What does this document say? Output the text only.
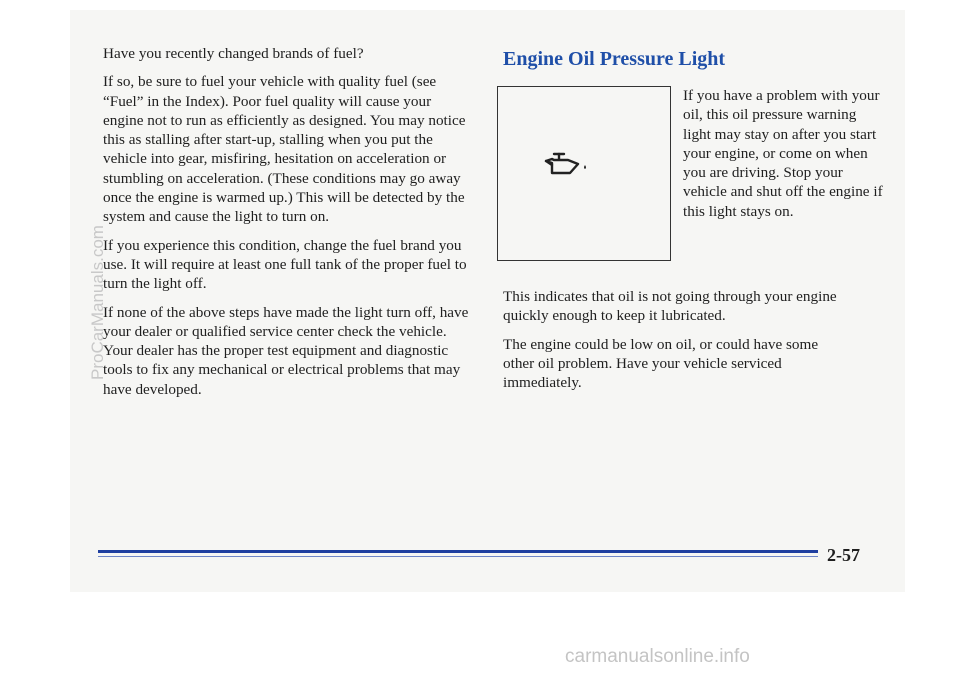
Have you recently changed brands of fuel?

If so, be sure to fuel your vehicle with quality fuel (see “Fuel” in the Index). Poor fuel quality will cause your engine not to run as efficiently as designed. You may notice this as stalling after start-up, stalling when you put the vehicle into gear, misfiring, hesitation on acceleration or stumbling on acceleration. (These conditions may go away once the engine is warmed up.) This will be detected by the system and cause the light to turn on.

If you experience this condition, change the fuel brand you use. It will require at least one full tank of the proper fuel to turn the light off.

If none of the above steps have made the light turn off, have your dealer or qualified service center check the vehicle. Your dealer has the proper test equipment and diagnostic tools to fix any mechanical or electrical problems that may have developed.

Engine Oil Pressure Light

If you have a problem with your oil, this oil pressure warning light may stay on after you start your engine, or come on when you are driving. Stop your vehicle and shut off the engine if this light stays on.

This indicates that oil is not going through your engine quickly enough to keep it lubricated.

The engine could be low on oil, or could have some other oil problem. Have your vehicle serviced immediately.

2-57
ProCarManuals.com
carmanualsonline.info
